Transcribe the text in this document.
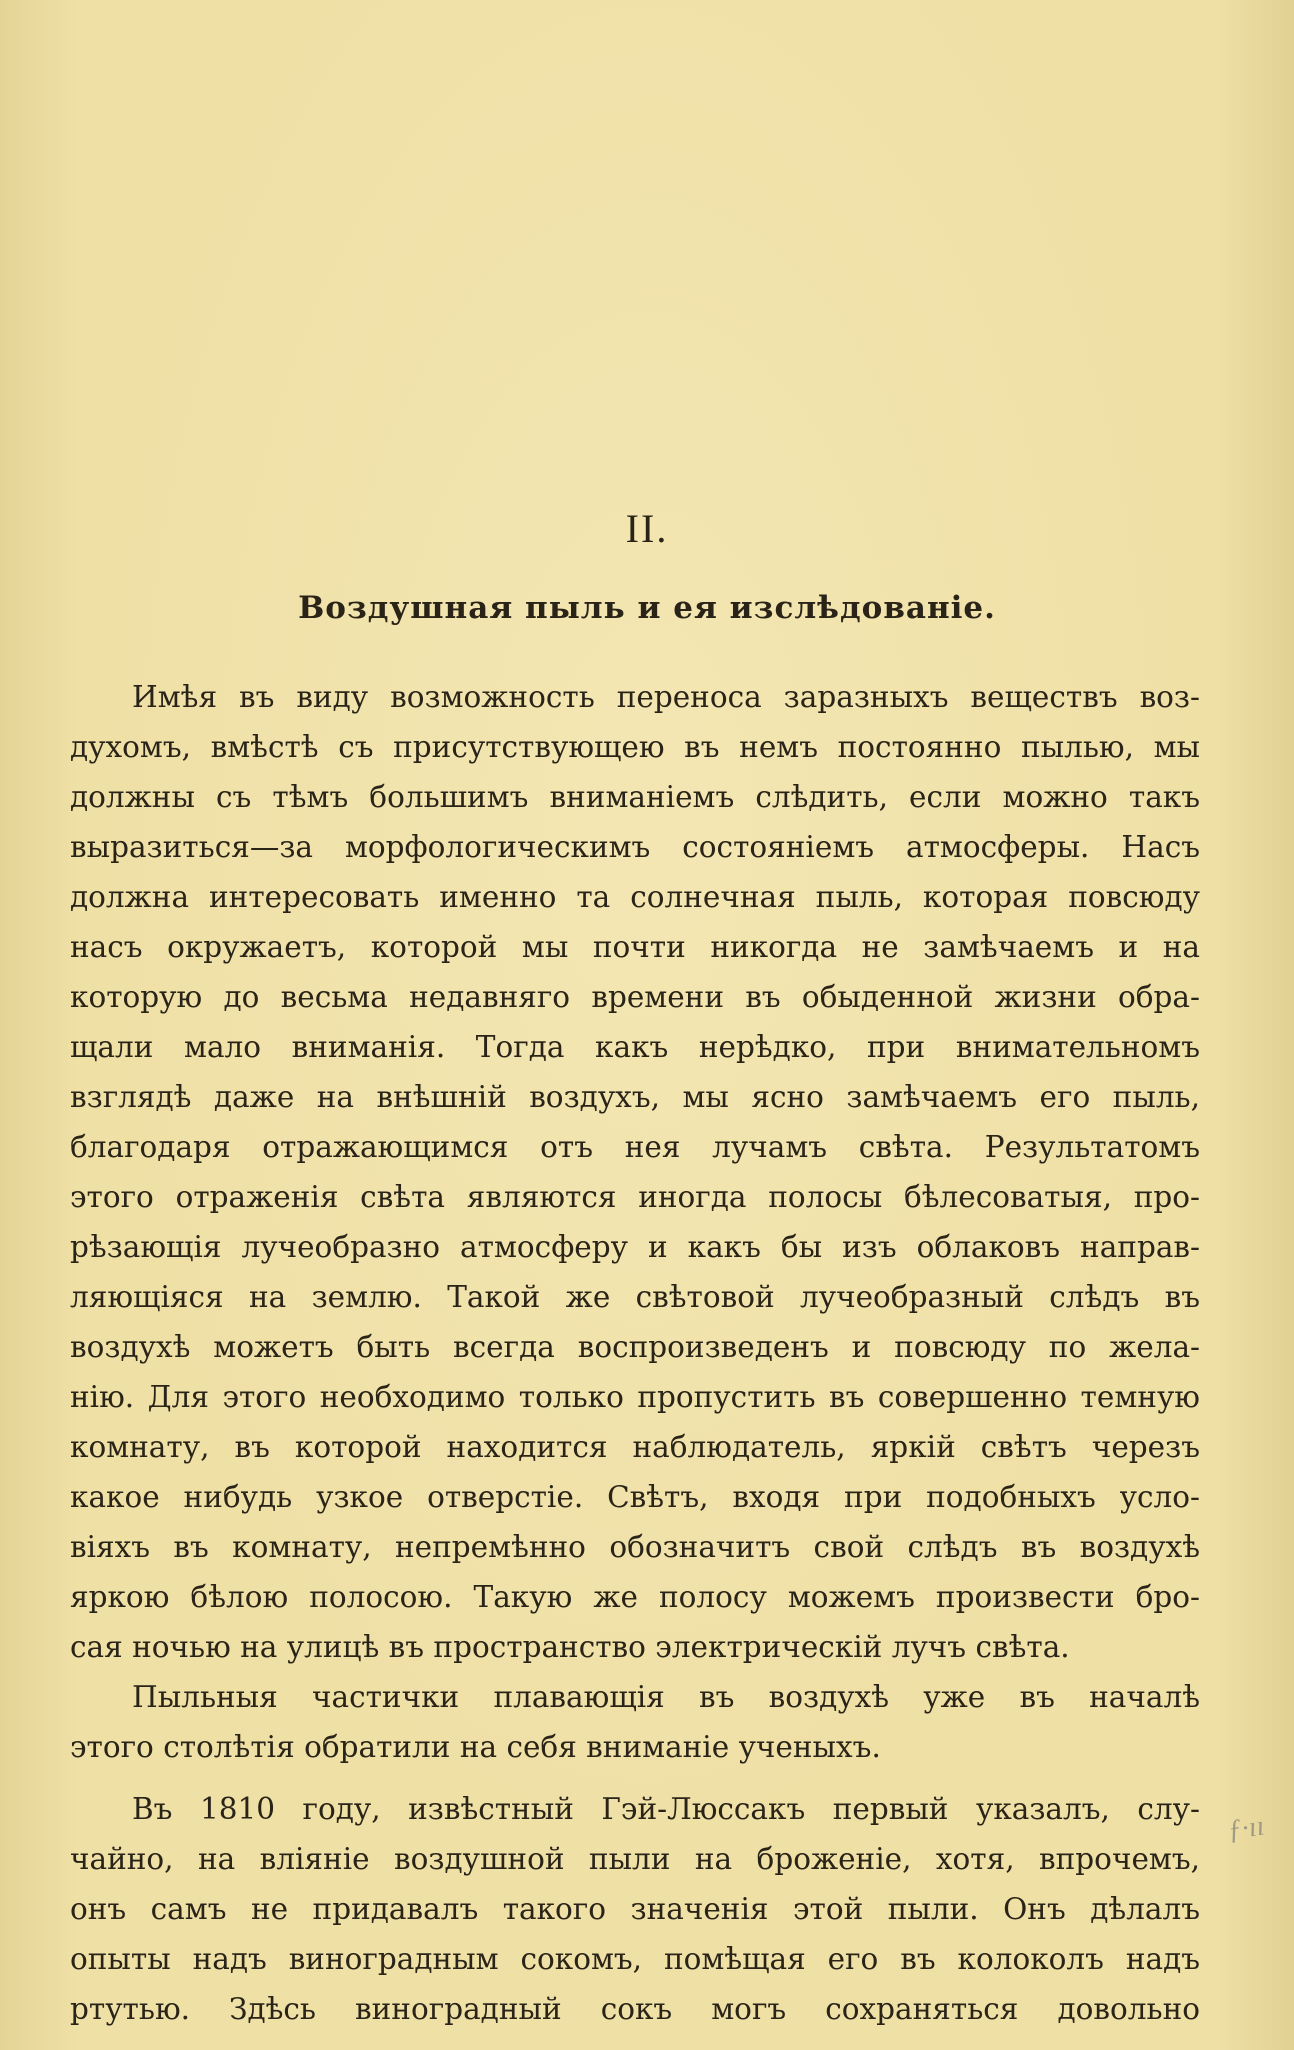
II.
Воздушная пыль и ея изслѣдованіе.
Имѣя въ виду возможность переноса заразныхъ веществъ воз-
духомъ, вмѣстѣ съ присутствующею въ немъ постоянно пылью, мы
должны съ тѣмъ большимъ вниманіемъ слѣдить, если можно такъ
выразиться—за морфологическимъ состояніемъ атмосферы. Насъ
должна интересовать именно та солнечная пыль, которая повсюду
насъ окружаетъ, которой мы почти никогда не замѣчаемъ и на
которую до весьма недавняго времени въ обыденной жизни обра-
щали мало вниманія. Тогда какъ нерѣдко, при внимательномъ
взглядѣ даже на внѣшній воздухъ, мы ясно замѣчаемъ его пыль,
благодаря отражающимся отъ нея лучамъ свѣта. Результатомъ
этого отраженія свѣта являются иногда полосы бѣлесоватыя, про-
рѣзающія лучеобразно атмосферу и какъ бы изъ облаковъ направ-
ляющіяся на землю. Такой же свѣтовой лучеобразный слѣдъ въ
воздухѣ можетъ быть всегда воспроизведенъ и повсюду по жела-
нію. Для этого необходимо только пропустить въ совершенно темную
комнату, въ которой находится наблюдатель, яркій свѣтъ черезъ
какое нибудь узкое отверстіе. Свѣтъ, входя при подобныхъ усло-
віяхъ въ комнату, непремѣнно обозначитъ свой слѣдъ въ воздухѣ
яркою бѣлою полосою. Такую же полосу можемъ произвести бро-
сая ночью на улицѣ въ пространство электрическій лучъ свѣта.
Пыльныя частички плавающія въ воздухѣ уже въ началѣ
этого столѣтія обратили на себя вниманіе ученыхъ.
Въ 1810 году, извѣстный Гэй-Люссакъ первый указалъ, слу-
чайно, на вліяніе воздушной пыли на броженіе, хотя, впрочемъ,
онъ самъ не придавалъ такого значенія этой пыли. Онъ дѣлалъ
опыты надъ виноградным сокомъ, помѣщая его въ колоколъ надъ
ртутью. Здѣсь виноградный сокъ могъ сохраняться довольно
ƒ·ıı
